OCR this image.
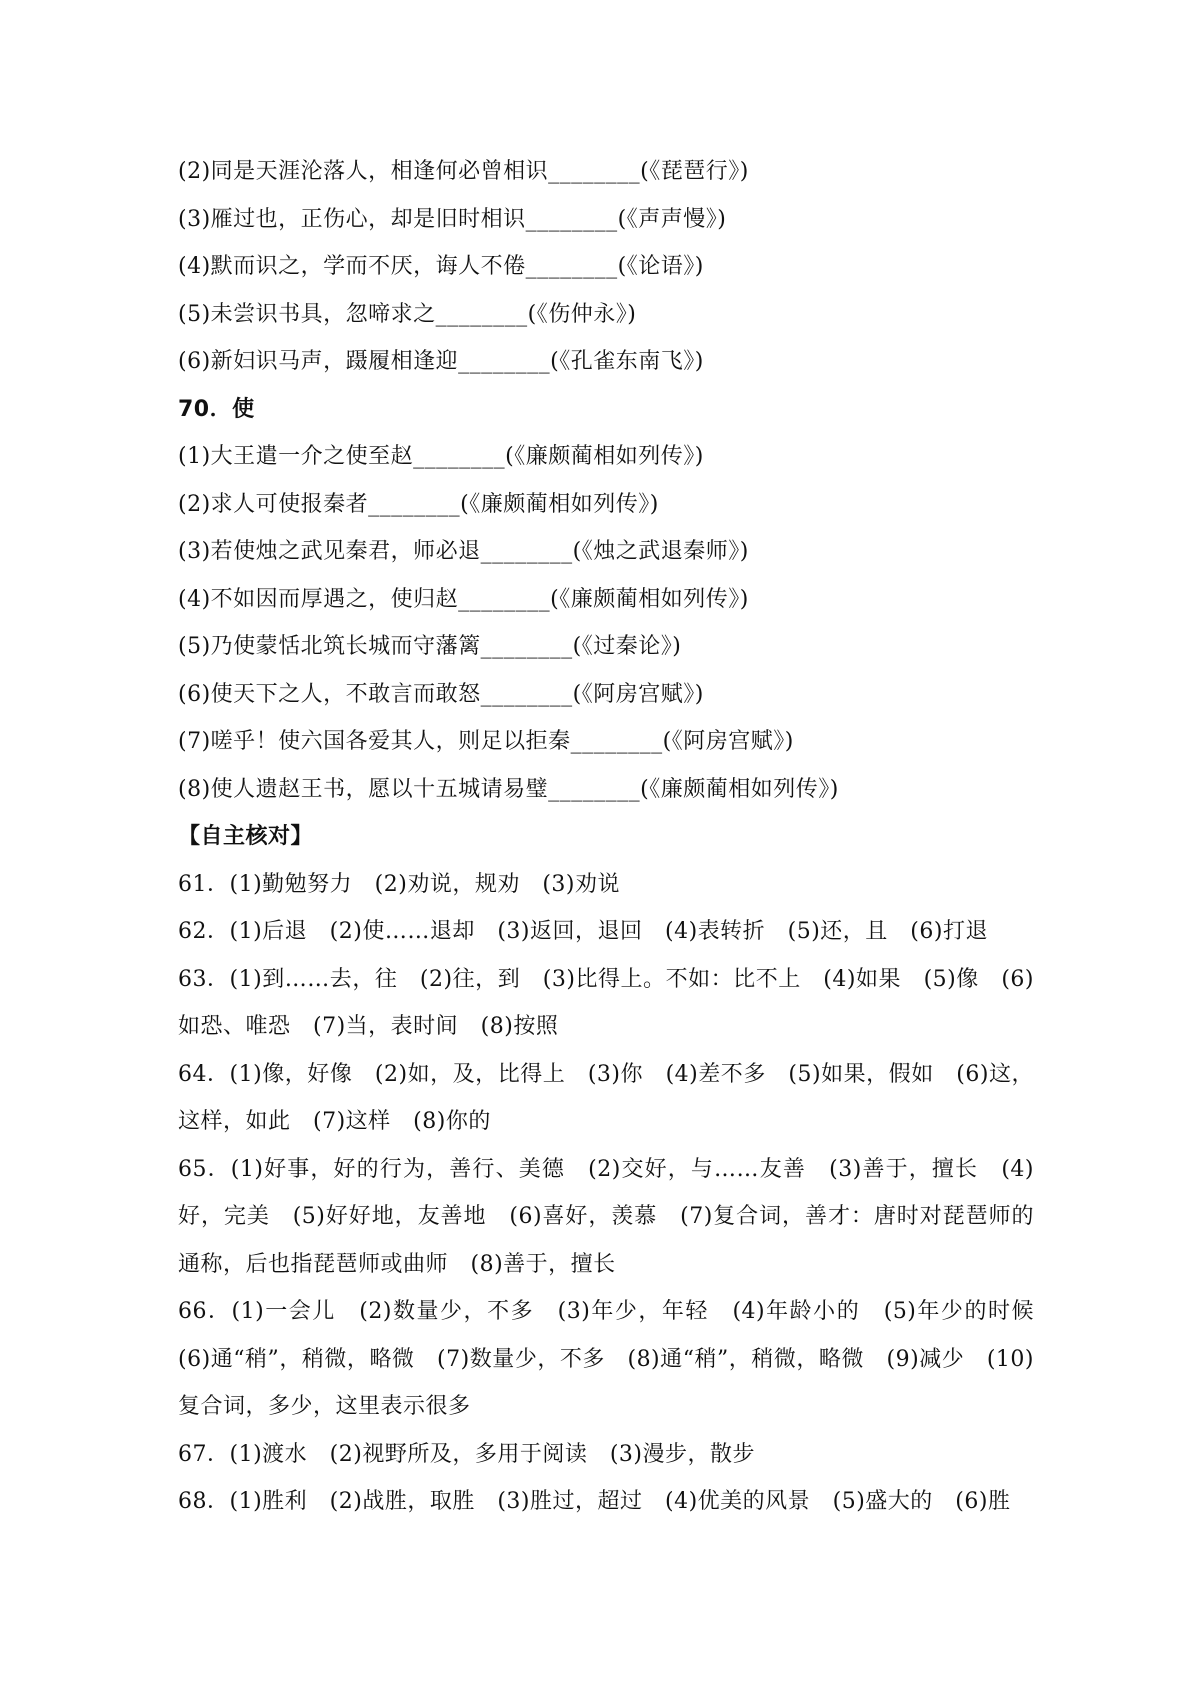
(2)同是天涯沦落人，相逢何必曾相识________(《琵琶行》)
(3)雁过也，正伤心，却是旧时相识________(《声声慢》)
(4)默而识之，学而不厌，诲人不倦________(《论语》)
(5)未尝识书具，忽啼求之________(《伤仲永》)
(6)新妇识马声，蹑履相逢迎________(《孔雀东南飞》)
70．使
(1)大王遣一介之使至赵________(《廉颇蔺相如列传》)
(2)求人可使报秦者________(《廉颇蔺相如列传》)
(3)若使烛之武见秦君，师必退________(《烛之武退秦师》)
(4)不如因而厚遇之，使归赵________(《廉颇蔺相如列传》)
(5)乃使蒙恬北筑长城而守藩篱________(《过秦论》)
(6)使天下之人，不敢言而敢怒________(《阿房宫赋》)
(7)嗟乎！使六国各爱其人，则足以拒秦________(《阿房宫赋》)
(8)使人遗赵王书，愿以十五城请易璧________(《廉颇蔺相如列传》)
【自主核对】
61．(1)勤勉努力　(2)劝说，规劝　(3)劝说
62．(1)后退　(2)使……退却　(3)返回，退回　(4)表转折　(5)还，且　(6)打退
63．(1)到……去，往　(2)往，到　(3)比得上。不如：比不上　(4)如果　(5)像　(6)如恐、唯恐　(7)当，表时间　(8)按照
64．(1)像，好像　(2)如，及，比得上　(3)你　(4)差不多　(5)如果，假如　(6)这，这样，如此　(7)这样　(8)你的
65．(1)好事，好的行为，善行、美德　(2)交好，与……友善　(3)善于，擅长　(4)好，完美　(5)好好地，友善地　(6)喜好，羡慕　(7)复合词，善才：唐时对琵琶师的通称，后也指琵琶师或曲师　(8)善于，擅长
66．(1)一会儿　(2)数量少，不多　(3)年少，年轻　(4)年龄小的　(5)年少的时候　(6)通“稍”，稍微，略微　(7)数量少，不多　(8)通“稍”，稍微，略微　(9)减少　(10)复合词，多少，这里表示很多
67．(1)渡水　(2)视野所及，多用于阅读　(3)漫步，散步
68．(1)胜利　(2)战胜，取胜　(3)胜过，超过　(4)优美的风景　(5)盛大的　(6)胜
